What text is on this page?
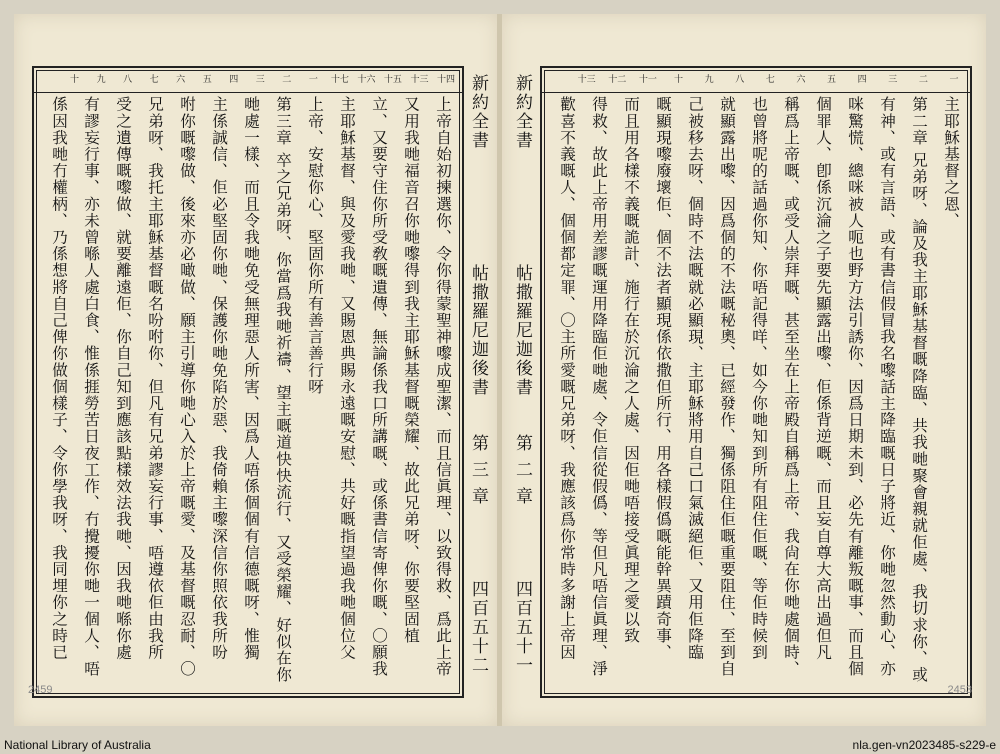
十四
十三
十五
十六
十七
一
二
三
四
五
六
七
八
九
十
上帝自始初揀選你、令你得蒙聖神嚟成聖潔、而且信眞理、以致得救、爲此上帝
又用我哋福音召你哋嚟得到我主耶穌基督嘅榮耀、故此兄弟呀、你要堅固植
立、又要守住你所受敎嘅遺傳、無論係我口所講嘅、或係書信寄俾你嘅、〇願我
主耶穌基督、與及愛我哋、又賜恩典賜永遠嘅安慰、共好嘅指望過我哋個位父
上帝、安慰你心、堅固你所有善言善行呀
第三章 卒之兄弟呀、你當爲我哋祈禱、望主嘅道快快流行、又受榮耀、好似在你
哋處一樣、而且令我哋免受無理惡人所害、因爲人唔係個個有信德嘅呀、惟獨
主係誠信、佢必堅固你哋、保護你哋免陷於惡、我倚賴主嚟深信你照依我所吩
咐你嘅嚟做、後來亦必噉做、願主引導你哋心入於上帝嘅愛、及基督嘅忍耐、〇
兄弟呀、我托主耶穌基督嘅名吩咐你、但凡有兄弟謬妄行事、唔遵依佢由我所
受之遺傳嘅嚟做、就要離遠佢、你自己知到應該點樣效法我哋、因我哋喺你處
有謬妄行事、亦未曾喺人處白食、惟係捱勞苦日夜工作、冇攪擾你哋一個人、唔
係因我哋冇權柄、乃係想將自己俾你做個樣子、令你學我呀、我同埋你之時已	新約全書
帖撒羅尼迦後書
第 三 章
四百五十二
2459
新約全書
帖撒羅尼迦後書
第 二 章
四百五十一
一
二
三
四
五
六
七
八
九
十
十一
十二
十三
主耶穌基督之恩、
第二章 兄弟呀、論及我主耶穌基督嘅降臨、共我哋聚會親就佢處、我切求你、或
有神、或有言語、或有書信假冒我名嚟話主降臨嘅日子將近、你哋忽然動心、亦
咪驚慌、總咪被人呃也野方法引誘你、因爲日期未到、必先有離叛嘅事、而且個
個罪人、卽係沉淪之子要先顯露出嚟、佢係背逆嘅、而且妄自尊大高出過但凡
稱爲上帝嘅、或受人崇拜嘅、甚至坐在上帝殿自稱爲上帝、我尙在你哋處個時、
也曾將呢的話過你知、你唔記得咩、如今你哋知到所有阻住佢嘅、等佢時候到
就顯露出嚟、因爲個的不法嘅秘奧、已經發作、獨係阻住佢嘅重要阻住、至到自
己被移去呀、個時不法嘅就必顯現、主耶穌將用自己口氣滅絕佢、又用佢降臨
嘅顯現嚟廢壞佢、個不法者顯現係依撒但所行、用各樣假僞嘅能幹異蹟奇事、
而且用各樣不義嘅詭計、施行在於沉淪之人處、因佢哋唔接受眞理之愛以致
得救、故此上帝用差謬嘅運用降臨佢哋處、令佢信從假僞、等但凡唔信眞理、淨
歡喜不義嘅人、個個都定罪、〇主所愛嘅兄弟呀、我應該爲你常時多謝上帝因
2453
National Library of Australia	nla.gen-vn2023485-s229-e
